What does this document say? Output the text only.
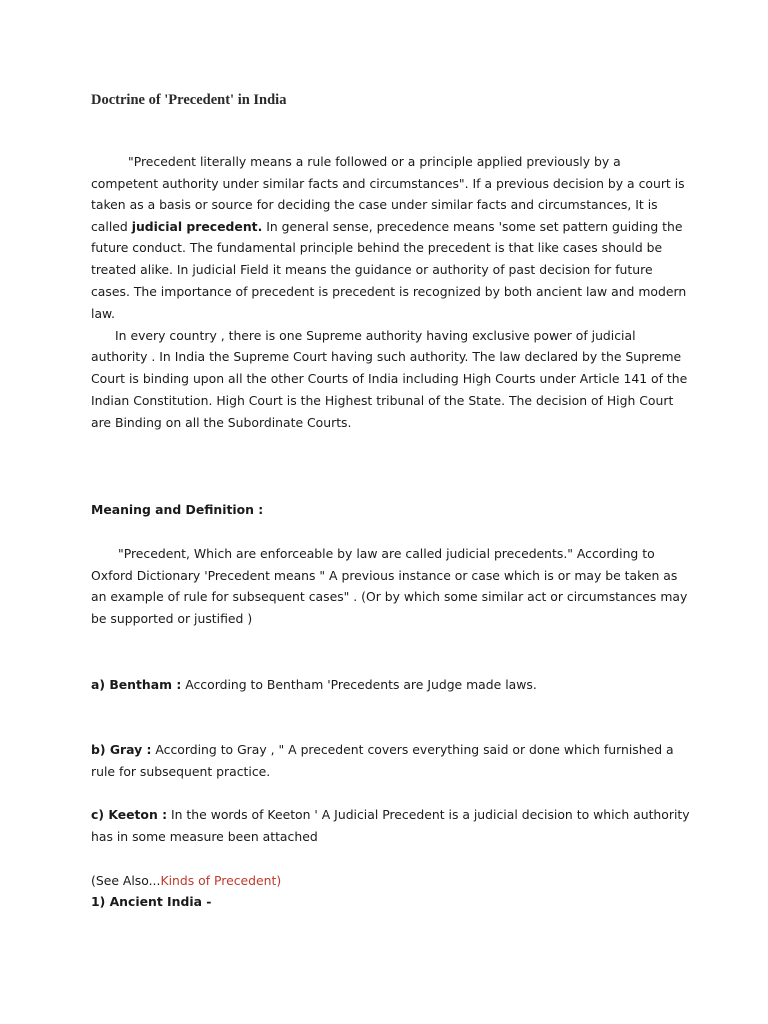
Doctrine of 'Precedent' in India
"Precedent literally means a rule followed or a principle applied previously by a
competent authority under similar facts and circumstances". If a previous decision by a court is
taken as a basis or source for deciding the case under similar facts and circumstances, It is
called judicial precedent. In general sense, precedence means 'some set pattern guiding the
future conduct. The fundamental principle behind the precedent is that like cases should be
treated alike. In judicial Field it means the guidance or authority of past decision for future
cases. The importance of precedent is precedent is recognized by both ancient law and modern
law.
In every country , there is one Supreme authority having exclusive power of judicial
authority . In India the Supreme Court having such authority. The law declared by the Supreme
Court is binding upon all the other Courts of India including High Courts under Article 141 of the
Indian Constitution. High Court is the Highest tribunal of the State. The decision of High Court
are Binding on all the Subordinate Courts.
Meaning and Definition :
"Precedent, Which are enforceable by law are called judicial precedents." According to
Oxford Dictionary 'Precedent means " A previous instance or case which is or may be taken as
an example of rule for subsequent cases" . (Or by which some similar act or circumstances may
be supported or justified )
a) Bentham : According to Bentham 'Precedents are Judge made laws.
b) Gray : According to Gray , " A precedent covers everything said or done which furnished a
rule for subsequent practice.
c) Keeton : In the words of Keeton ' A Judicial Precedent is a judicial decision to which authority
has in some measure been attached
(See Also...Kinds of Precedent)
1) Ancient India -
